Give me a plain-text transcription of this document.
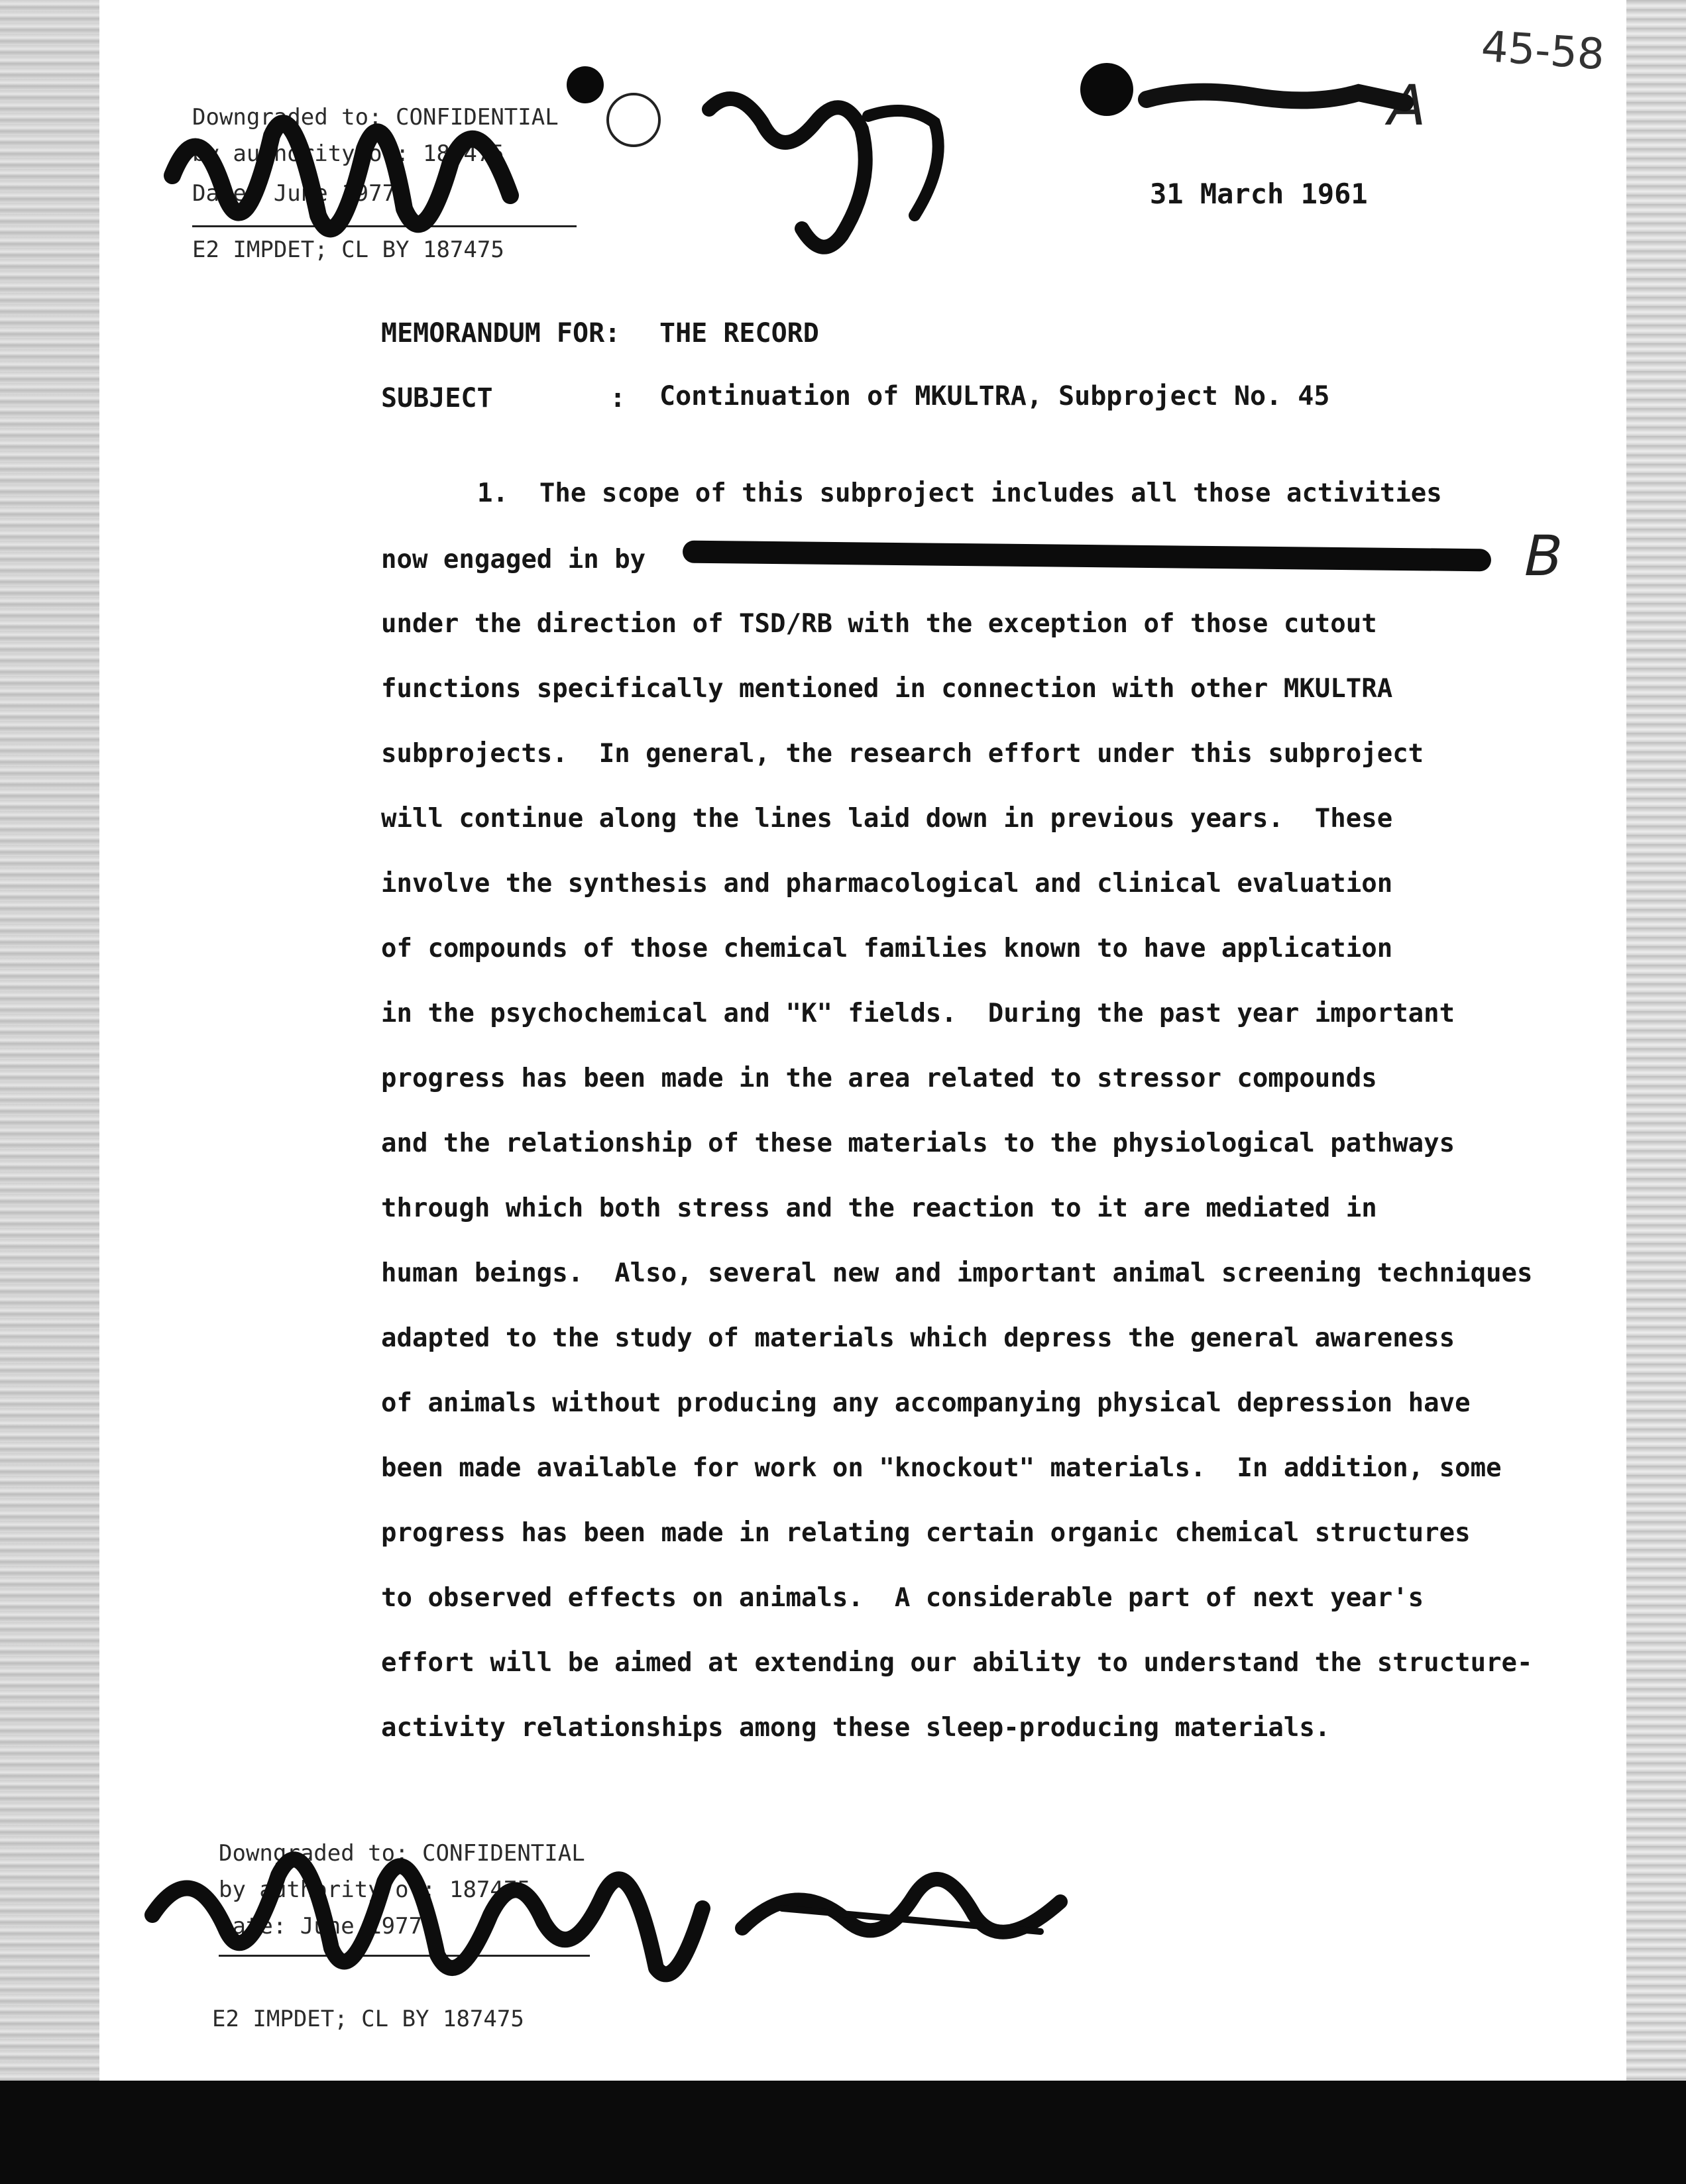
45-58
A
B
Downgraded to: CONFIDENTIAL
by authority of: 187475
Date: June 1977
E2 IMPDET; CL BY 187475
31 March 1961
MEMORANDUM FOR: THE RECORD
SUBJECT	: Continuation of MKULTRA, Subproject No. 45
1.  The scope of this subproject includes all those activities
now engaged in by
under the direction of TSD/RB with the exception of those cutout
functions specifically mentioned in connection with other MKULTRA
subprojects.  In general, the research effort under this subproject
will continue along the lines laid down in previous years.  These
involve the synthesis and pharmacological and clinical evaluation
of compounds of those chemical families known to have application
in the psychochemical and "K" fields.  During the past year important
progress has been made in the area related to stressor compounds
and the relationship of these materials to the physiological pathways
through which both stress and the reaction to it are mediated in
human beings.  Also, several new and important animal screening techniques
adapted to the study of materials which depress the general awareness
of animals without producing any accompanying physical depression have
been made available for work on "knockout" materials.  In addition, some
progress has been made in relating certain organic chemical structures
to observed effects on animals.  A considerable part of next year's
effort will be aimed at extending our ability to understand the structure-
activity relationships among these sleep-producing materials.
Downgraded to: CONFIDENTIAL
by authority of: 187475
Date: June 1977
E2 IMPDET; CL BY 187475
